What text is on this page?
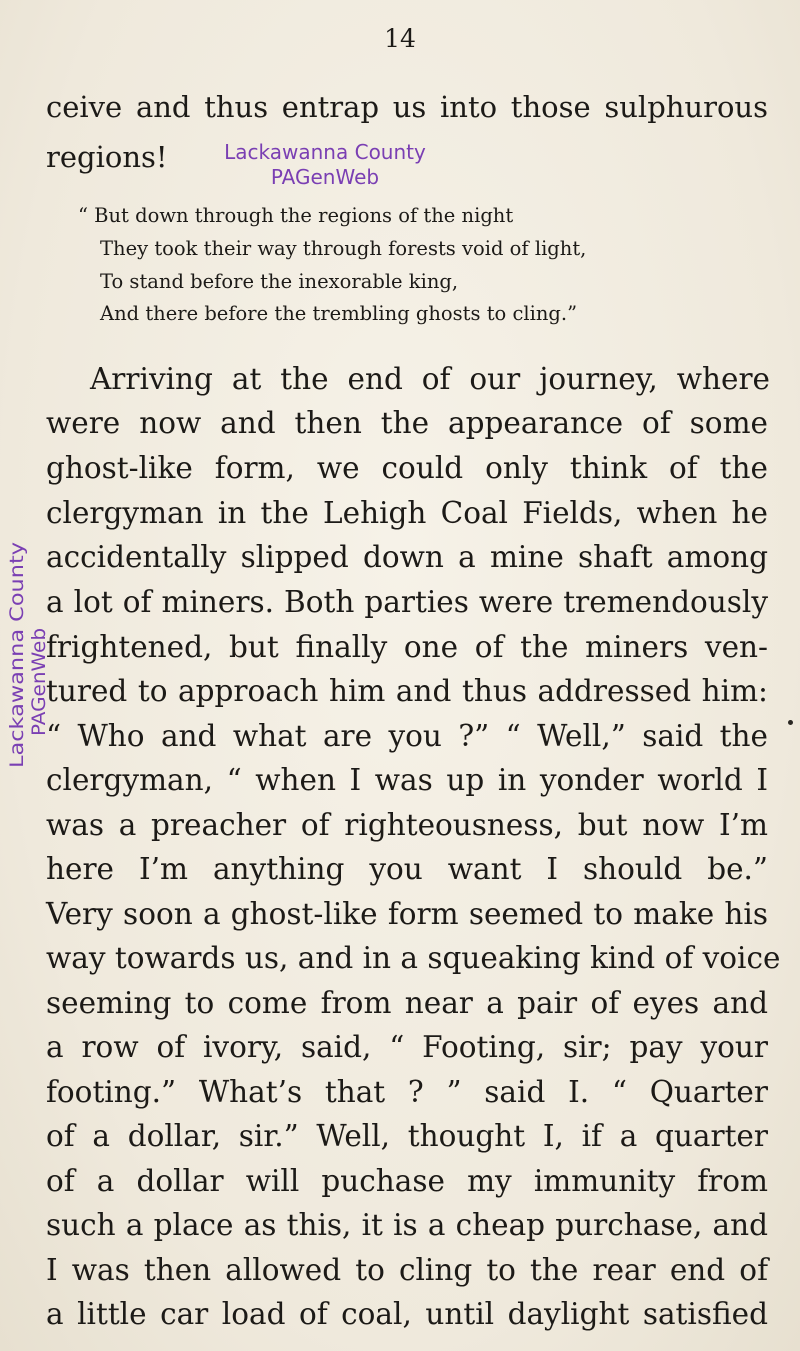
14
ceive and thus entrap us into those sulphurous
regions!	Lackawanna County
PAGenWeb
“ But down through the regions of the night
They took their way through forests void of light,
To stand before the inexorable king,
And there before the trembling ghosts to cling.”
Arriving at the end of our journey, where
were now and then the appearance of some
ghost-like form, we could only think of the
clergyman in the Lehigh Coal Fields, when he
accidentally slipped down a mine shaft among
a lot of miners. Both parties were tremendously
frightened, but finally one of the miners ven-
tured to approach him and thus addressed him:
“ Who and what are you ?” “ Well,” said the
clergyman, “ when I was up in yonder world I
was a preacher of righteousness, but now I’m
here I’m anything you want I should be.”
Very soon a ghost-like form seemed to make his
way towards us, and in a squeaking kind of voice
seeming to come from near a pair of eyes and
a row of ivory, said, “ Footing, sir; pay your
footing.” What’s that ? ” said I. “ Quarter
of a dollar, sir.” Well, thought I, if a quarter
of a dollar will puchase my immunity from
such a place as this, it is a cheap purchase, and
I was then allowed to cling to the rear end of
a little car load of coal, until daylight satisfied
Lackawanna County PAGenWeb
